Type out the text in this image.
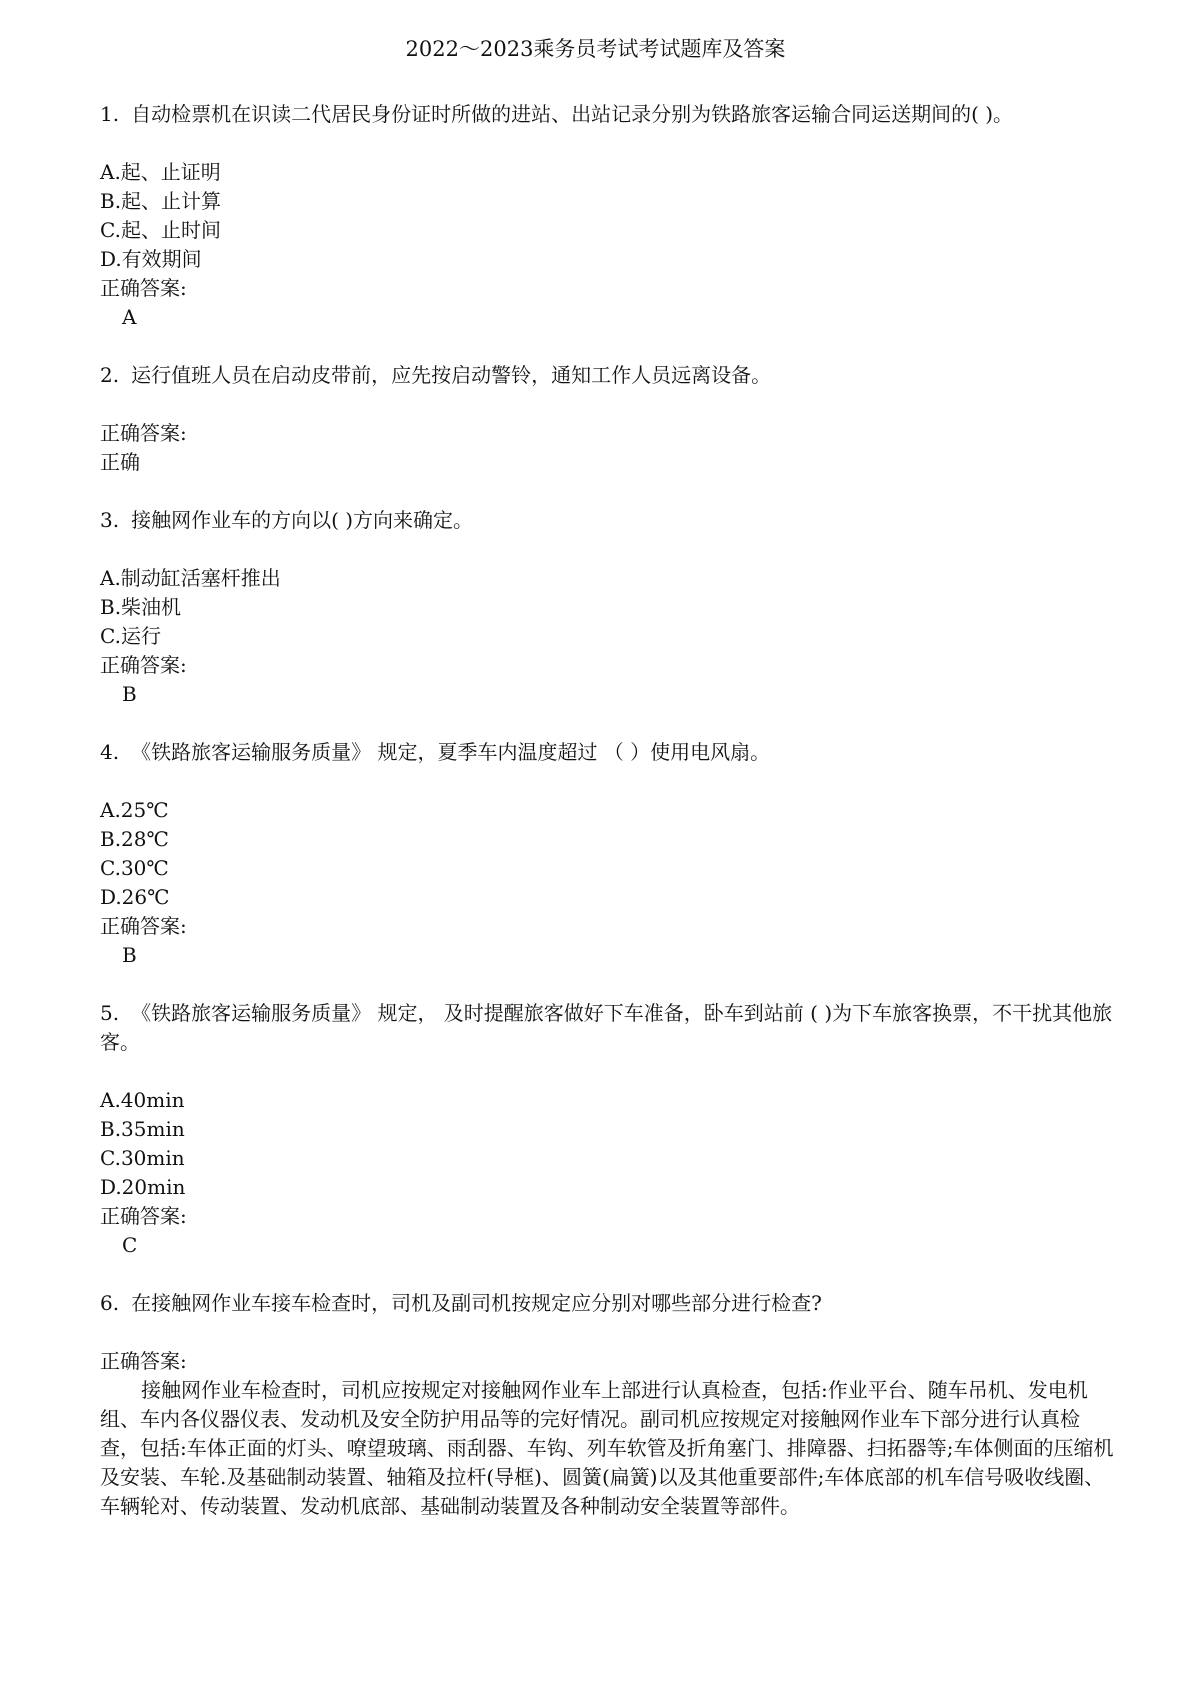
2022～2023乘务员考试考试题库及答案

1. 自动检票机在识读二代居民身份证时所做的进站、出站记录分别为铁路旅客运输合同运送期间的( )。

A.起、止证明

B.起、止计算

C.起、止时间

D.有效期间

正确答案:

A

2. 运行值班人员在启动皮带前，应先按启动警铃，通知工作人员远离设备。

正确答案:

正确

3. 接触网作业车的方向以( )方向来确定。

A.制动缸活塞杆推出

B.柴油机

C.运行

正确答案:

B

4. 《铁路旅客运输服务质量》 规定，夏季车内温度超过 （ ）使用电风扇。

A.25℃

B.28℃

C.30℃

D.26℃

正确答案:

B

5. 《铁路旅客运输服务质量》 规定， 及时提醒旅客做好下车准备，卧车到站前 ( )为下车旅客换票，不干扰其他旅客。

A.40min

B.35min

C.30min

D.20min

正确答案:

C

6. 在接触网作业车接车检查时，司机及副司机按规定应分别对哪些部分进行检查?

正确答案:

接触网作业车检查时，司机应按规定对接触网作业车上部进行认真检查，包括:作业平台、随车吊机、发电机组、车内各仪器仪表、发动机及安全防护用品等的完好情况。副司机应按规定对接触网作业车下部分进行认真检查，包括:车体正面的灯头、嘹望玻璃、雨刮器、车钩、列车软管及折角塞门、排障器、扫拓器等;车体侧面的压缩机及安装、车轮.及基础制动装置、轴箱及拉杆(导框)、圆簧(扁簧)以及其他重要部件;车体底部的机车信号吸收线圈、车辆轮对、传动装置、发动机底部、基础制动装置及各种制动安全装置等部件。
